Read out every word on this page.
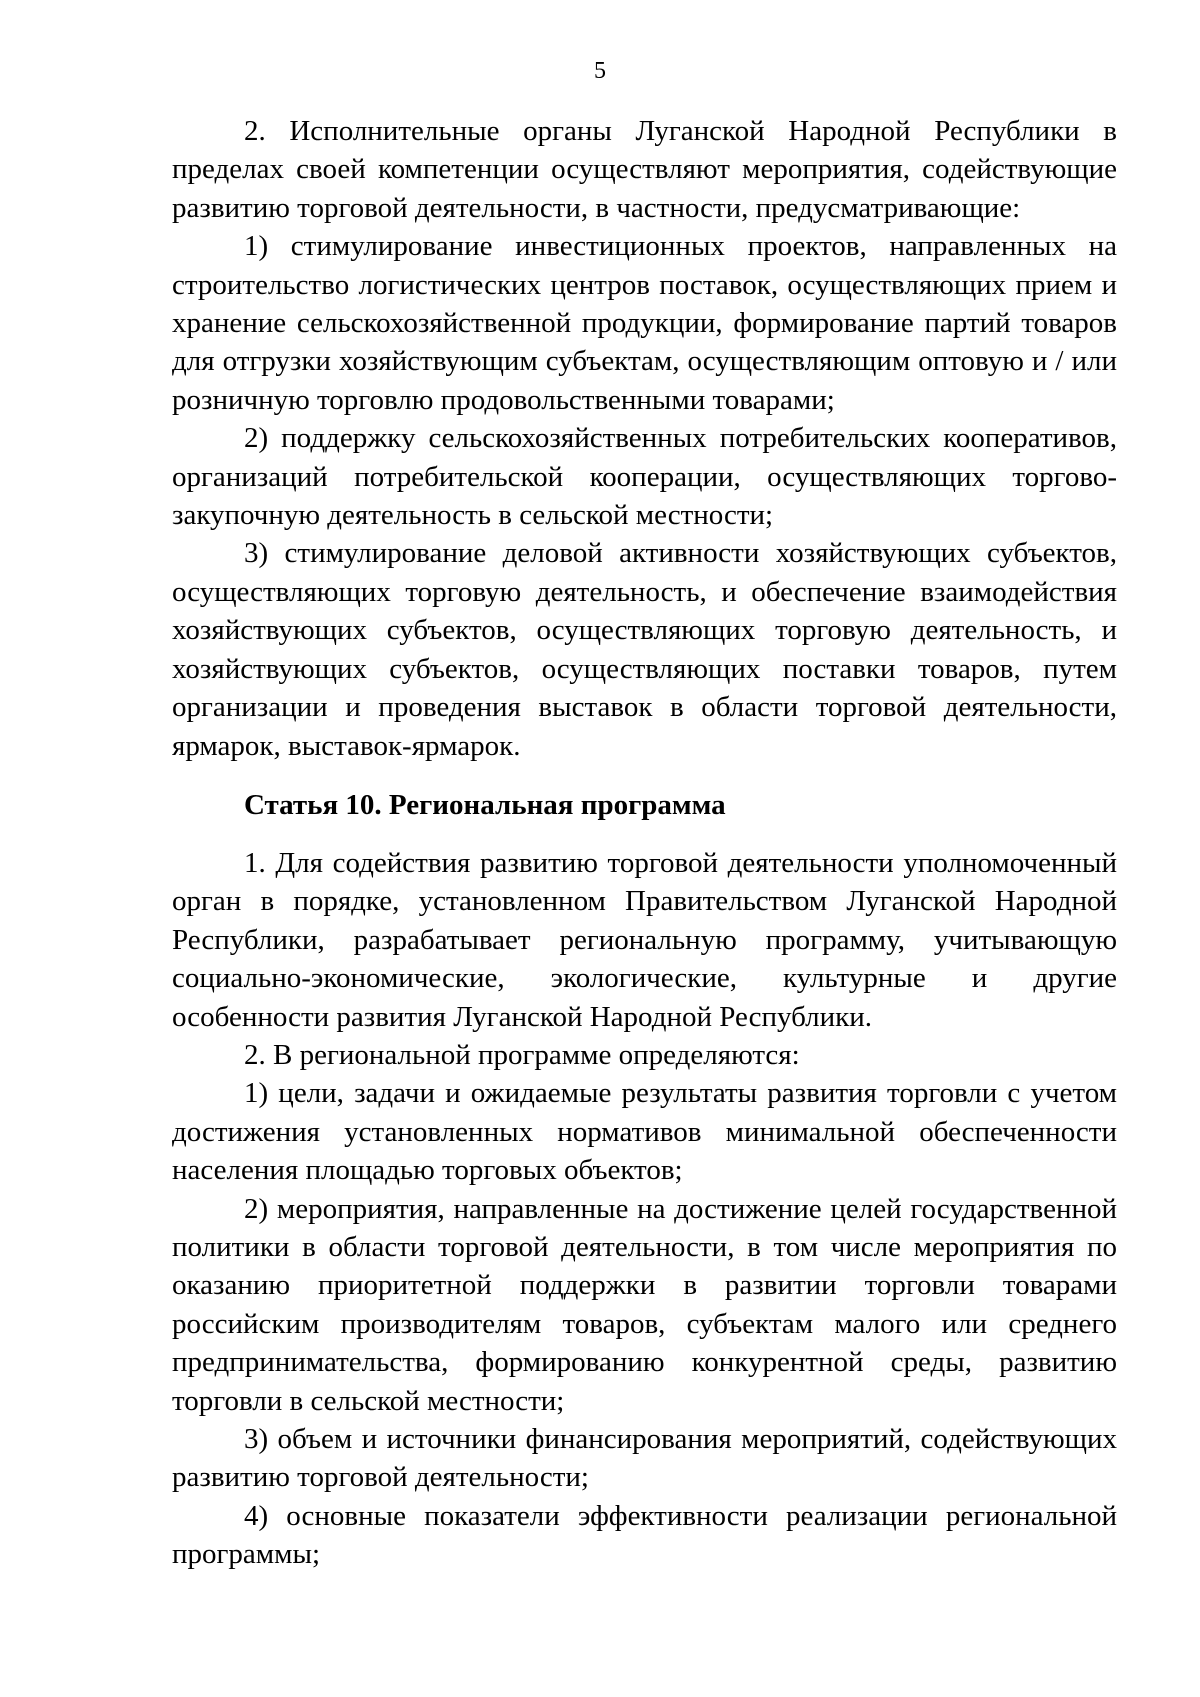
5

2. Исполнительные органы Луганской Народной Республики в пределах своей компетенции осуществляют мероприятия, содействующие развитию торговой деятельности, в частности, предусматривающие:

1) стимулирование инвестиционных проектов, направленных на строительство логистических центров поставок, осуществляющих прием и хранение сельскохозяйственной продукции, формирование партий товаров для отгрузки хозяйствующим субъектам, осуществляющим оптовую и / или розничную торговлю продовольственными товарами;

2) поддержку сельскохозяйственных потребительских кооперативов, организаций потребительской кооперации, осуществляющих торгово-закупочную деятельность в сельской местности;

3) стимулирование деловой активности хозяйствующих субъектов, осуществляющих торговую деятельность, и обеспечение взаимодействия хозяйствующих субъектов, осуществляющих торговую деятельность, и хозяйствующих субъектов, осуществляющих поставки товаров, путем организации и проведения выставок в области торговой деятельности, ярмарок, выставок-ярмарок.

Статья 10. Региональная программа

1. Для содействия развитию торговой деятельности уполномоченный орган в порядке, установленном Правительством Луганской Народной Республики, разрабатывает региональную программу, учитывающую социально-экономические, экологические, культурные и другие особенности развития Луганской Народной Республики.

2. В региональной программе определяются:

1) цели, задачи и ожидаемые результаты развития торговли с учетом достижения установленных нормативов минимальной обеспеченности населения площадью торговых объектов;

2) мероприятия, направленные на достижение целей государственной политики в области торговой деятельности, в том числе мероприятия по оказанию приоритетной поддержки в развитии торговли товарами российским производителям товаров, субъектам малого или среднего предпринимательства, формированию конкурентной среды, развитию торговли в сельской местности;

3) объем и источники финансирования мероприятий, содействующих развитию торговой деятельности;

4) основные показатели эффективности реализации региональной программы;
